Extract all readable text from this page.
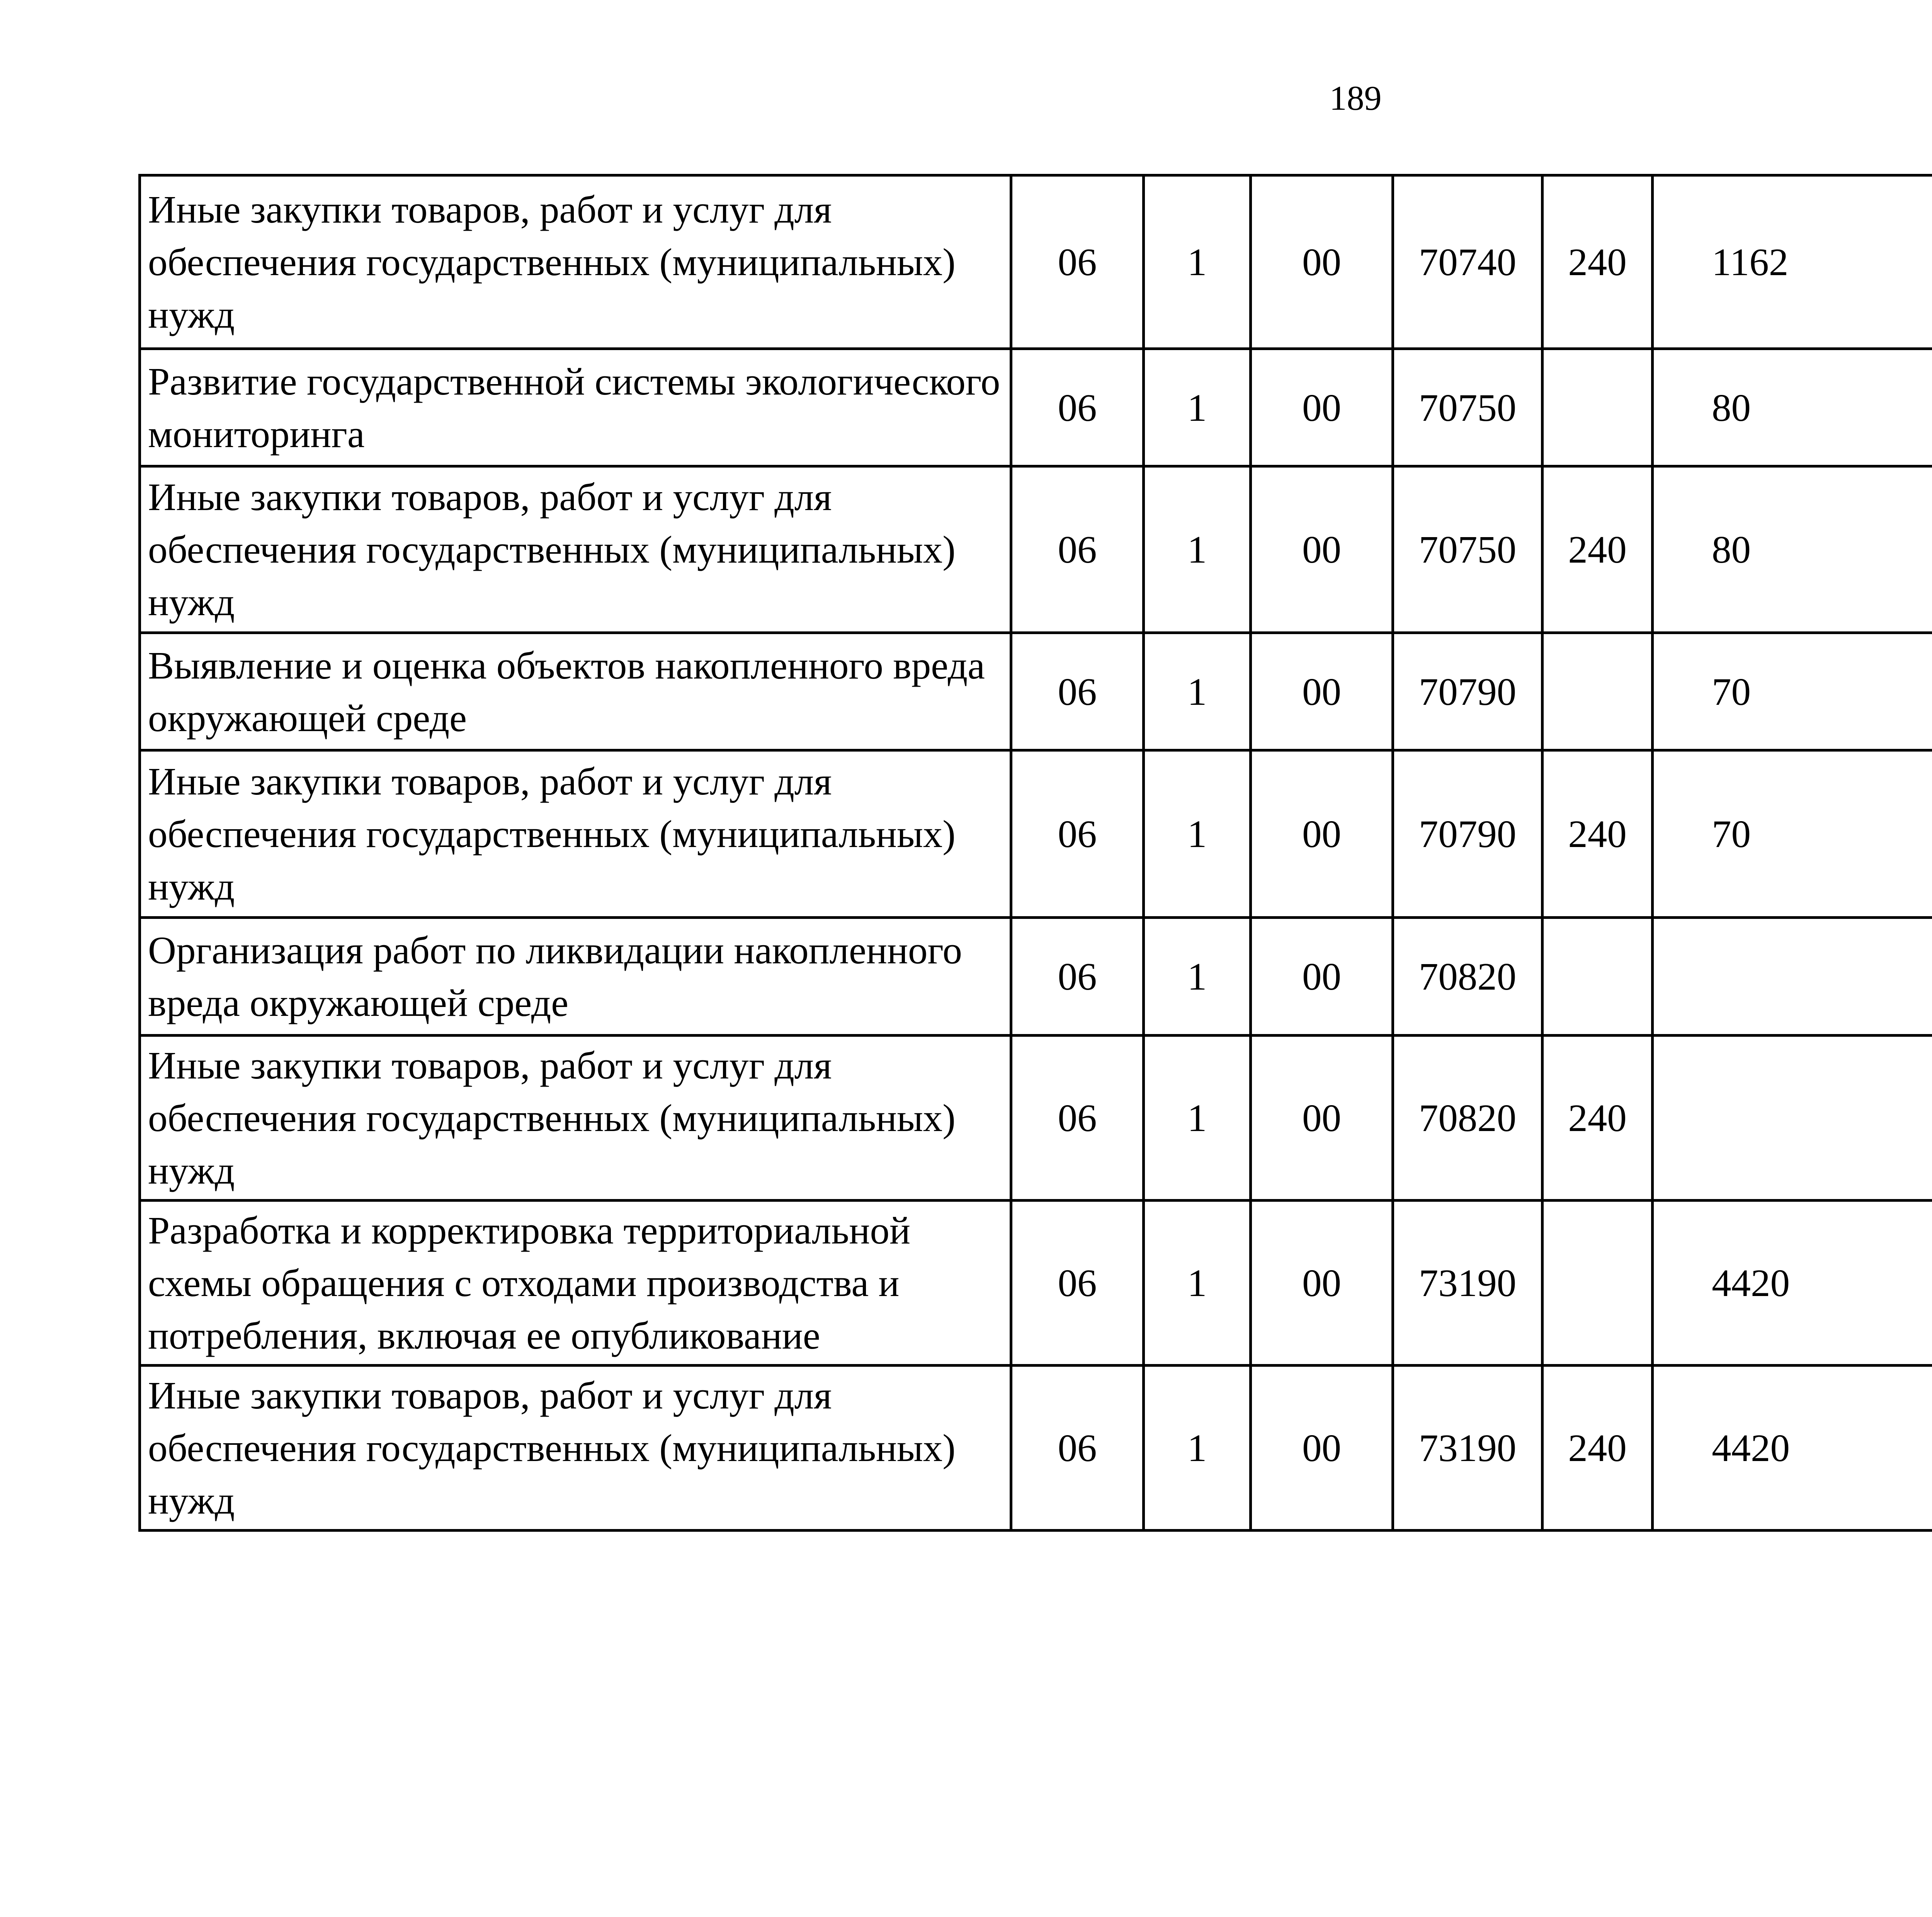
189
Иные закупки товаров, работ и услуг для обеспечения государственных (муниципальных) нужд	06	1	00	70740	240	1162		
Развитие государственной системы экологического мониторинга	06	1	00	70750		80		
Иные закупки товаров, работ и услуг для обеспечения государственных (муниципальных) нужд	06	1	00	70750	240	80		
Выявление и оценка объектов накопленного вреда окружающей среде	06	1	00	70790		70		
Иные закупки товаров, работ и услуг для обеспечения государственных (муниципальных) нужд	06	1	00	70790	240	70		
Организация работ по ликвидации накопленного вреда окружающей среде	06	1	00	70820				
Иные закупки товаров, работ и услуг для обеспечения государственных (муниципальных) нужд	06	1	00	70820	240			
Разработка и корректировка территориальной схемы обращения с отходами производства и потребления, включая ее опубликование	06	1	00	73190		4420		
Иные закупки товаров, работ и услуг для обеспечения государственных (муниципальных) нужд	06	1	00	73190	240	4420		
